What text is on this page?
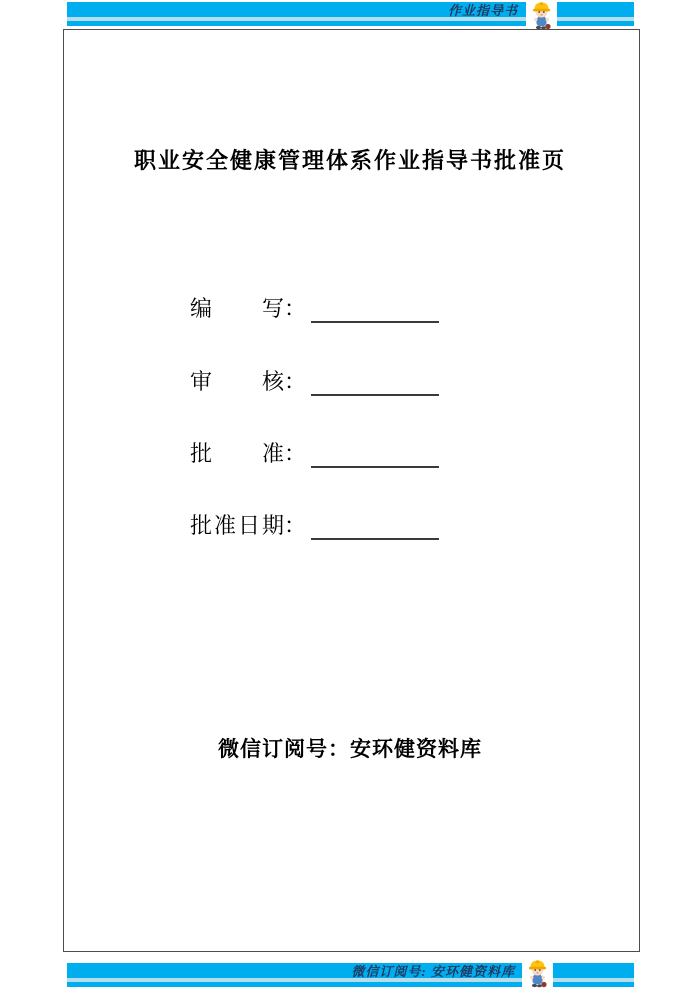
作业指导书
职业安全健康管理体系作业指导书批准页
编写：
审核：
批准：
批准日期：
微信订阅号：安环健资料库
微信订阅号: 安环健资料库
